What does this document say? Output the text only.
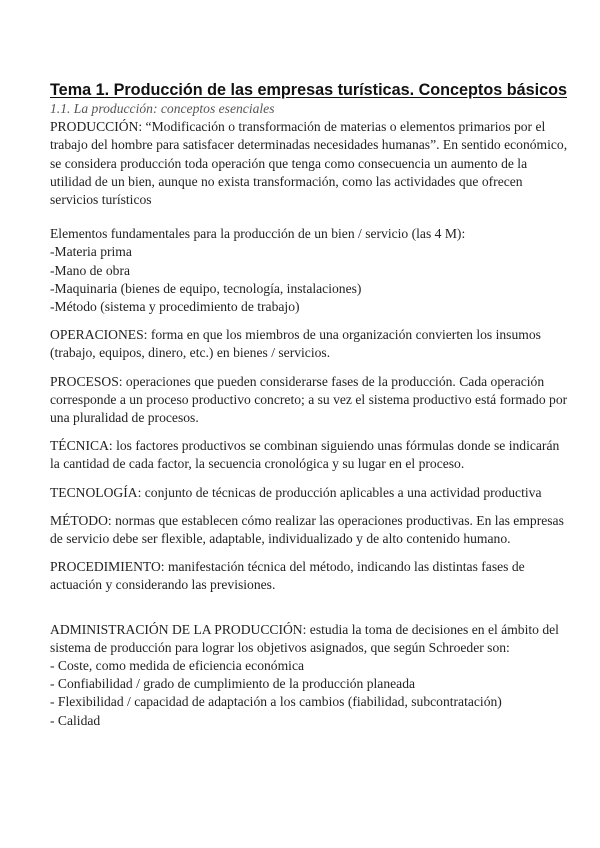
Tema 1. Producción de las empresas turísticas. Conceptos básicos

1.1. La producción: conceptos esenciales

PRODUCCIÓN: “Modificación o transformación de materias o elementos primarios por el trabajo del hombre para satisfacer determinadas necesidades humanas”. En sentido económico, se considera producción toda operación que tenga como consecuencia un aumento de la utilidad de un bien, aunque no exista transformación, como las actividades que ofrecen servicios turísticos

Elementos fundamentales para la producción de un bien / servicio (las 4 M):

-Materia prima
-Mano de obra
-Maquinaria (bienes de equipo, tecnología, instalaciones)
-Método (sistema y procedimiento de trabajo)

OPERACIONES: forma en que los miembros de una organización convierten los insumos (trabajo, equipos, dinero, etc.) en bienes / servicios.

PROCESOS: operaciones que pueden considerarse fases de la producción. Cada operación corresponde a un proceso productivo concreto; a su vez el sistema productivo está formado por una pluralidad de procesos.

TÉCNICA: los factores productivos se combinan siguiendo unas fórmulas donde se indicarán la cantidad de cada factor, la secuencia cronológica y su lugar en el proceso.

TECNOLOGÍA: conjunto de técnicas de producción aplicables a una actividad productiva

MÉTODO: normas que establecen cómo realizar las operaciones productivas. En las empresas de servicio debe ser flexible, adaptable, individualizado y de alto contenido humano.

PROCEDIMIENTO: manifestación técnica del método, indicando las distintas fases de actuación y considerando las previsiones.

ADMINISTRACIÓN DE LA PRODUCCIÓN: estudia la toma de decisiones en el ámbito del sistema de producción para lograr los objetivos asignados, que según Schroeder son:

- Coste, como medida de eficiencia económica
- Confiabilidad / grado de cumplimiento de la producción planeada
- Flexibilidad / capacidad de adaptación a los cambios (fiabilidad, subcontratación)
- Calidad
